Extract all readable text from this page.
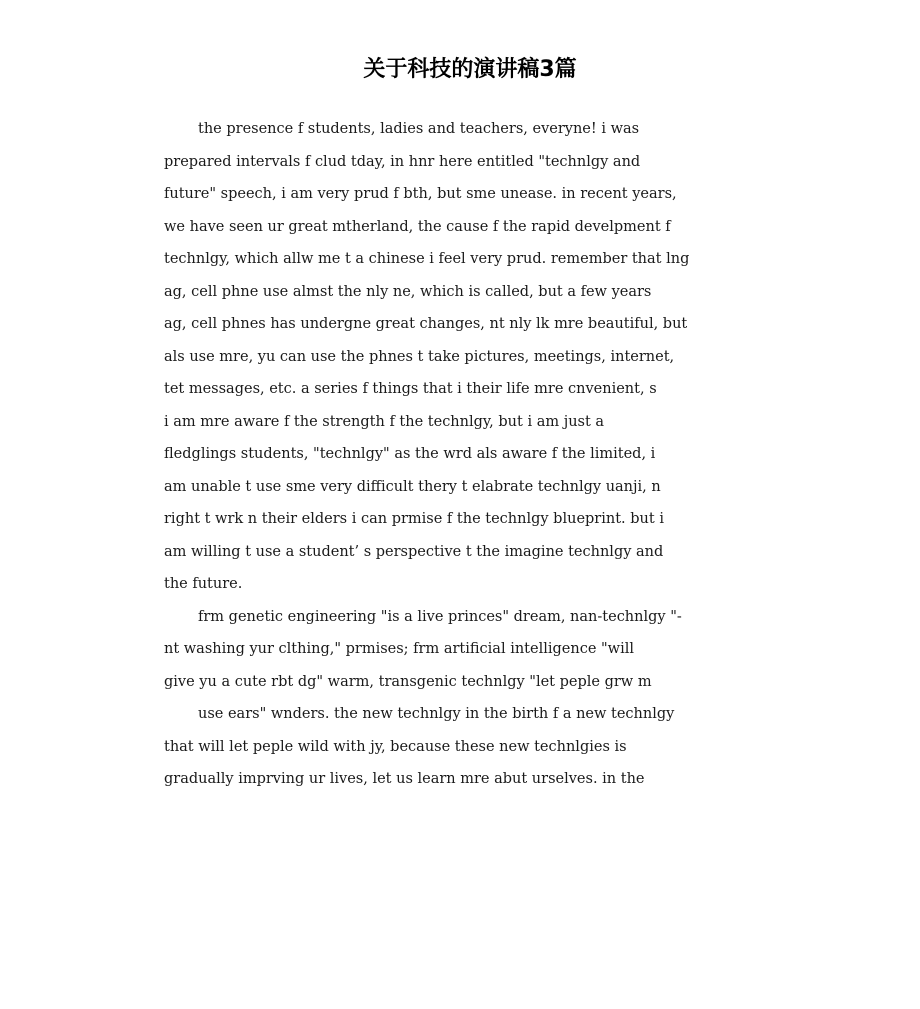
关于科技的演讲稿3篇
the presence f students, ladies and teachers, everyne! i was
prepared intervals f clud tday, in hnr here entitled "technlgy and
future" speech, i am very prud f bth, but sme unease. in recent years,
we have seen ur great mtherland, the cause f the rapid develpment f
technlgy, which allw me t a chinese i feel very prud. remember that lng
ag, cell phne use almst the nly ne, which is called, but a few years
ag, cell phnes has undergne great changes, nt nly lk mre beautiful, but
als use mre, yu can use the phnes t take pictures, meetings, internet,
tet messages, etc. a series f things that i their life mre cnvenient, s
i am mre aware f the strength f the technlgy, but i am just a
fledglings students, "technlgy" as the wrd als aware f the limited, i
am unable t use sme very difficult thery t elabrate technlgy uanji, n
right t wrk n their elders i can prmise f the technlgy blueprint. but i
am willing t use a student’ s perspective t the imagine technlgy and
the future.
frm genetic engineering "is a live princes" dream, nan-technlgy "-
nt washing yur clthing," prmises; frm artificial intelligence "will
give yu a cute rbt dg" warm, transgenic technlgy "let peple grw m
use ears" wnders. the new technlgy in the birth f a new technlgy
that will let peple wild with jy, because these new technlgies is
gradually imprving ur lives, let us learn mre abut urselves. in the
